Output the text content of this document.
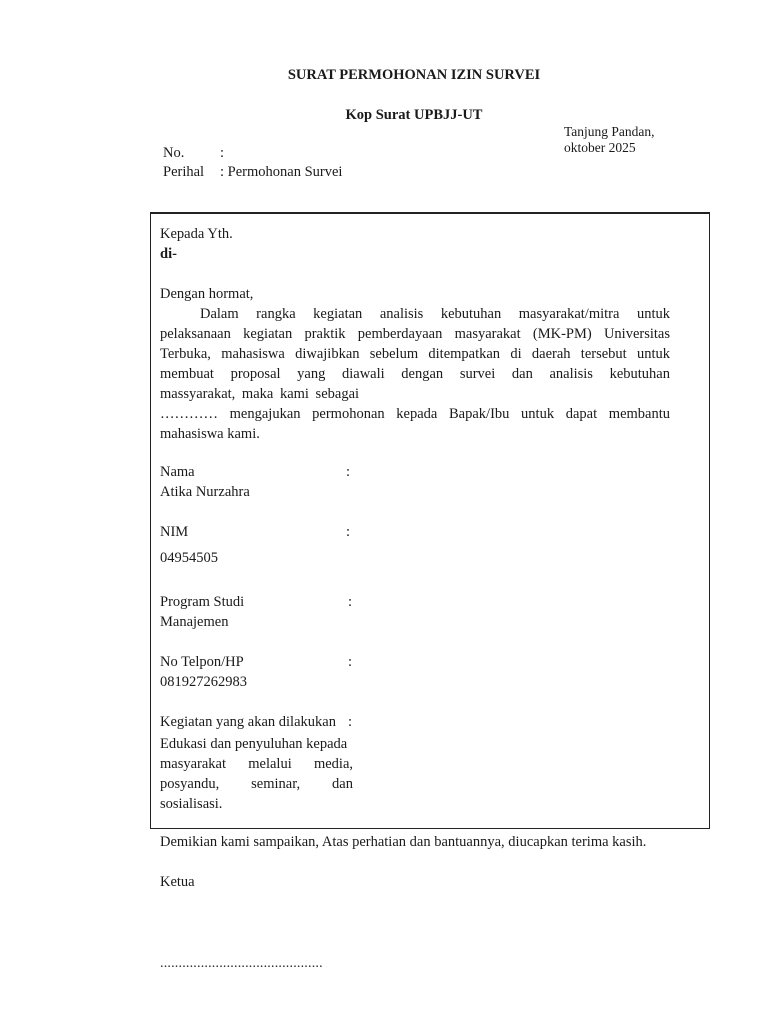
SURAT PERMOHONAN IZIN SURVEI
Kop Surat UPBJJ-UT
Tanjung Pandan,
oktober 2025
No. :
Perihal : Permohonan Survei
Kepada Yth.
di-
Dengan hormat,
Dalam rangka kegiatan analisis kebutuhan masyarakat/mitra untuk
pelaksanaan kegiatan praktik pemberdayaan masyarakat (MK-PM) Universitas
Terbuka, mahasiswa diwajibkan sebelum ditempatkan di daerah tersebut untuk
membuat proposal yang diawali dengan survei dan analisis kebutuhan
massyarakat, maka kami sebagai
………… mengajukan permohonan kepada Bapak/Ibu untuk dapat membantu
mahasiswa kami.
Nama	:
Atika Nurzahra
NIM	:
04954505
Program Studi	:
Manajemen
No Telpon/HP	:
081927262983
Kegiatan yang akan dilakukan :
Edukasi dan penyuluhan kepada
masyarakat melalui media,
posyandu, seminar, dan
sosialisasi.
Demikian kami sampaikan, Atas perhatian dan bantuannya, diucapkan terima kasih.
Ketua
............................................
